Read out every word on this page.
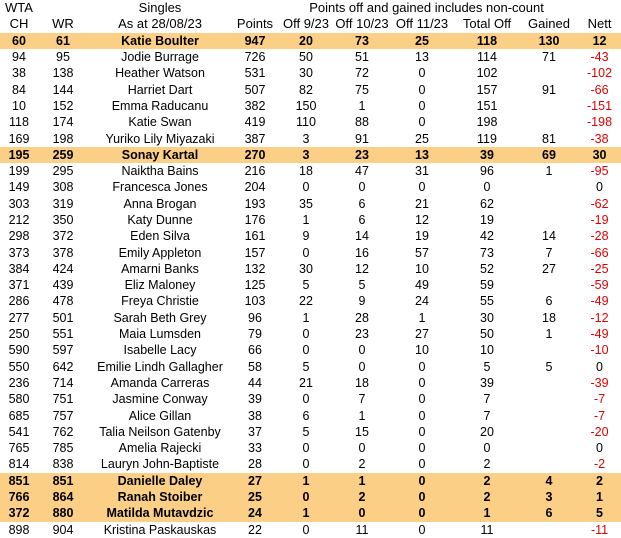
WTA		Singles	Points off and gained includes non-count						
CH	WR	As at 28/08/23	Points	Off 9/23	Off 10/23	Off 11/23	Total Off	Gained	Nett
60	61	Katie Boulter	947	20	73	25	118	130	12
94	95	Jodie Burrage	726	50	51	13	114	71	-43
38	138	Heather Watson	531	30	72	0	102		-102
84	144	Harriet Dart	507	82	75	0	157	91	-66
10	152	Emma Raducanu	382	150	1	0	151		-151
118	174	Katie Swan	419	110	88	0	198		-198
169	198	Yuriko Lily Miyazaki	387	3	91	25	119	81	-38
195	259	Sonay Kartal	270	3	23	13	39	69	30
199	295	Naiktha Bains	216	18	47	31	96	1	-95
149	308	Francesca Jones	204	0	0	0	0		0
303	319	Anna Brogan	193	35	6	21	62		-62
212	350	Katy Dunne	176	1	6	12	19		-19
298	372	Eden Silva	161	9	14	19	42	14	-28
373	378	Emily Appleton	157	0	16	57	73	7	-66
384	424	Amarni Banks	132	30	12	10	52	27	-25
371	439	Eliz Maloney	125	5	5	49	59		-59
286	478	Freya Christie	103	22	9	24	55	6	-49
277	501	Sarah Beth Grey	96	1	28	1	30	18	-12
250	551	Maia Lumsden	79	0	23	27	50	1	-49
590	597	Isabelle Lacy	66	0	0	10	10		-10
550	642	Emilie Lindh Gallagher	58	5	0	0	5	5	0
236	714	Amanda Carreras	44	21	18	0	39		-39
580	751	Jasmine Conway	39	0	7	0	7		-7
685	757	Alice Gillan	38	6	1	0	7		-7
541	762	Talia Neilson Gatenby	37	5	15	0	20		-20
765	785	Amelia Rajecki	33	0	0	0	0		0
814	838	Lauryn John-Baptiste	28	0	2	0	2		-2
851	851	Danielle Daley	27	1	1	0	2	4	2
766	864	Ranah Stoiber	25	0	2	0	2	3	1
372	880	Matilda Mutavdzic	24	1	0	0	1	6	5
898	904	Kristina Paskauskas	22	0	11	0	11		-11
